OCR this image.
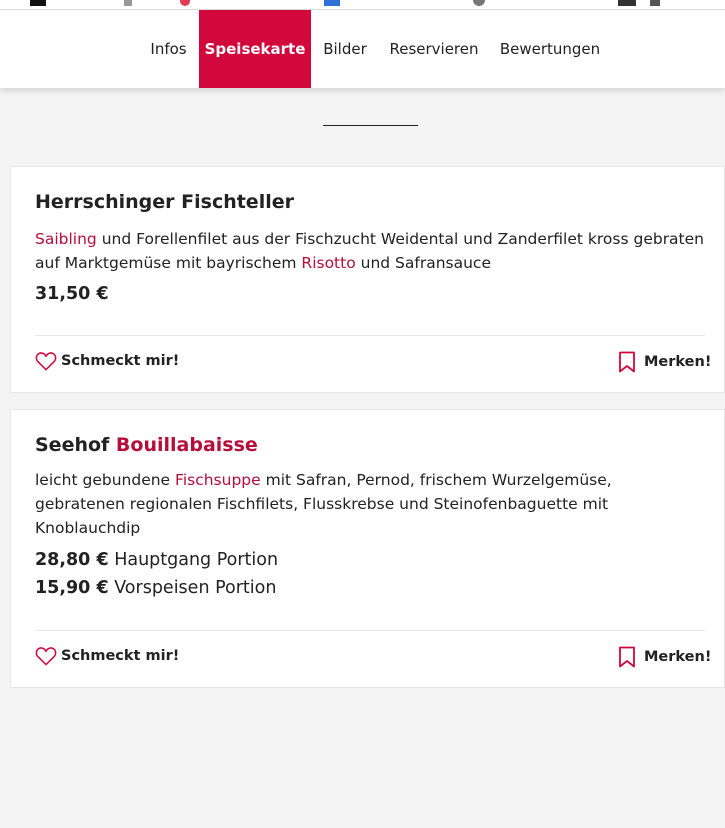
Infos	Speisekarte	Bilder	Reservieren Bewertungen
Herrschinger Fischteller

Saibling und Forellenfilet aus der Fischzucht Weidental und Zanderfilet kross gebraten auf Marktgemüse mit bayrischem Risotto und Safransauce

31,50 €
Schmeckt mir!	Merken!
Seehof Bouillabaisse

leicht gebundene Fischsuppe mit Safran, Pernod, frischem Wurzelgemüse, gebratenen regionalen Fischfilets, Flusskrebse und Steinofenbaguette mit Knoblauchdip

28,80 € Hauptgang Portion
15,90 € Vorspeisen Portion
Schmeckt mir!	Merken!
